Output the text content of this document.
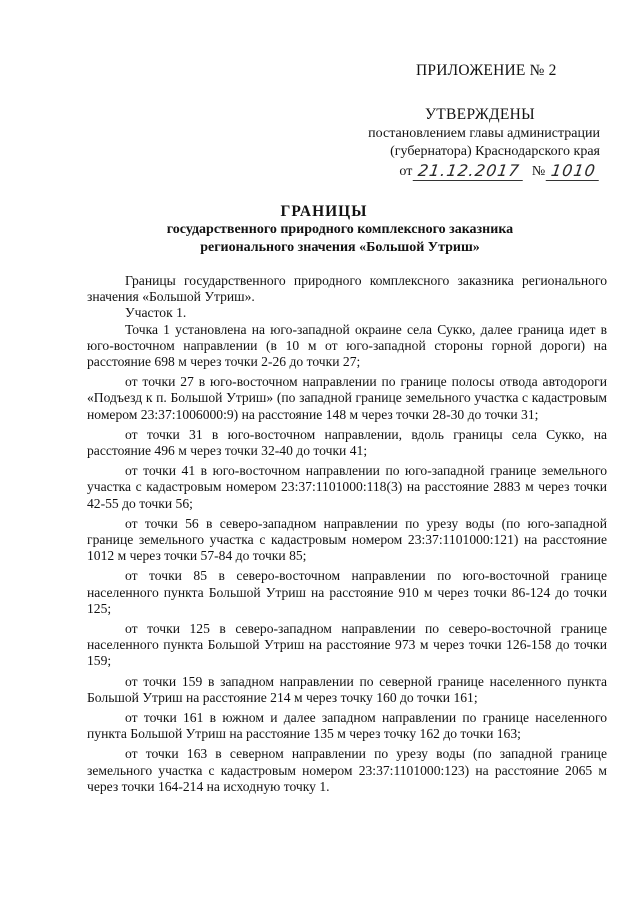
ПРИЛОЖЕНИЕ № 2
УТВЕРЖДЕНЫ
постановлением главы администрации
(губернатора) Краснодарского края
от 21.12.2017 № 1010
ГРАНИЦЫ
государственного природного комплексного заказника
регионального значения «Большой Утриш»

Границы государственного природного комплексного заказника регионального значения «Большой Утриш».

Участок 1.

Точка 1 установлена на юго-западной окраине села Сукко, далее граница идет в юго-восточном направлении (в 10 м от юго-западной стороны горной дороги) на расстояние 698 м через точки 2-26 до точки 27;

от точки 27 в юго-восточном направлении по границе полосы отвода автодороги «Подъезд к п. Большой Утриш» (по западной границе земельного участка с кадастровым номером 23:37:1006000:9) на расстояние 148 м через точки 28-30 до точки 31;

от точки 31 в юго-восточном направлении, вдоль границы села Сукко, на расстояние 496 м через точки 32-40 до точки 41;

от точки 41 в юго-восточном направлении по юго-западной границе земельного участка с кадастровым номером 23:37:1101000:118(3) на расстояние 2883 м через точки 42-55 до точки 56;

от точки 56 в северо-западном направлении по урезу воды (по юго-западной границе земельного участка с кадастровым номером 23:37:1101000:121) на расстояние 1012 м через точки 57-84 до точки 85;

от точки 85 в северо-восточном направлении по юго-восточной границе населенного пункта Большой Утриш на расстояние 910 м через точки 86-124 до точки 125;

от точки 125 в северо-западном направлении по северо-восточной границе населенного пункта Большой Утриш на расстояние 973 м через точки 126-158 до точки 159;

от точки 159 в западном направлении по северной границе населенного пункта Большой Утриш на расстояние 214 м через точку 160 до точки 161;

от точки 161 в южном и далее западном направлении по границе населенного пункта Большой Утриш на расстояние 135 м через точку 162 до точки 163;

от точки 163 в северном направлении по урезу воды (по западной границе земельного участка с кадастровым номером 23:37:1101000:123) на расстояние 2065 м через точки 164-214 на исходную точку 1.
